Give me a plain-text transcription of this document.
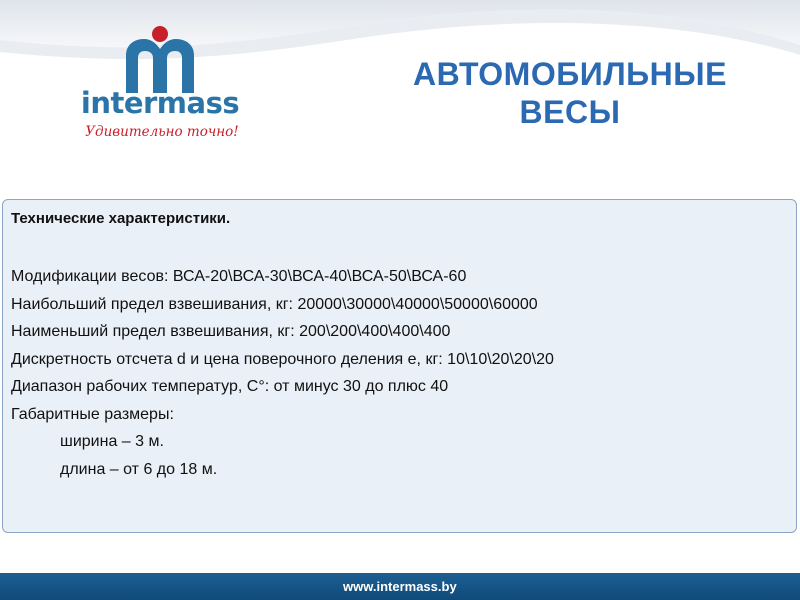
intermass
Удивительно точно!
АВТОМОБИЛЬНЫЕ
ВЕСЫ
Технические характеристики.
Модификации весов: ВСА-20\ВСА-30\ВСА-40\ВСА-50\ВСА-60
Наибольший предел взвешивания, кг: 20000\30000\40000\50000\60000
Наименьший предел взвешивания, кг: 200\200\400\400\400
Дискретность отсчета d и цена поверочного деления е, кг: 10\10\20\20\20
Диапазон рабочих температур, С°: от минус 30 до плюс 40
Габаритные размеры:
ширина – 3 м.
длина – от 6 до 18 м.
www.intermass.by
